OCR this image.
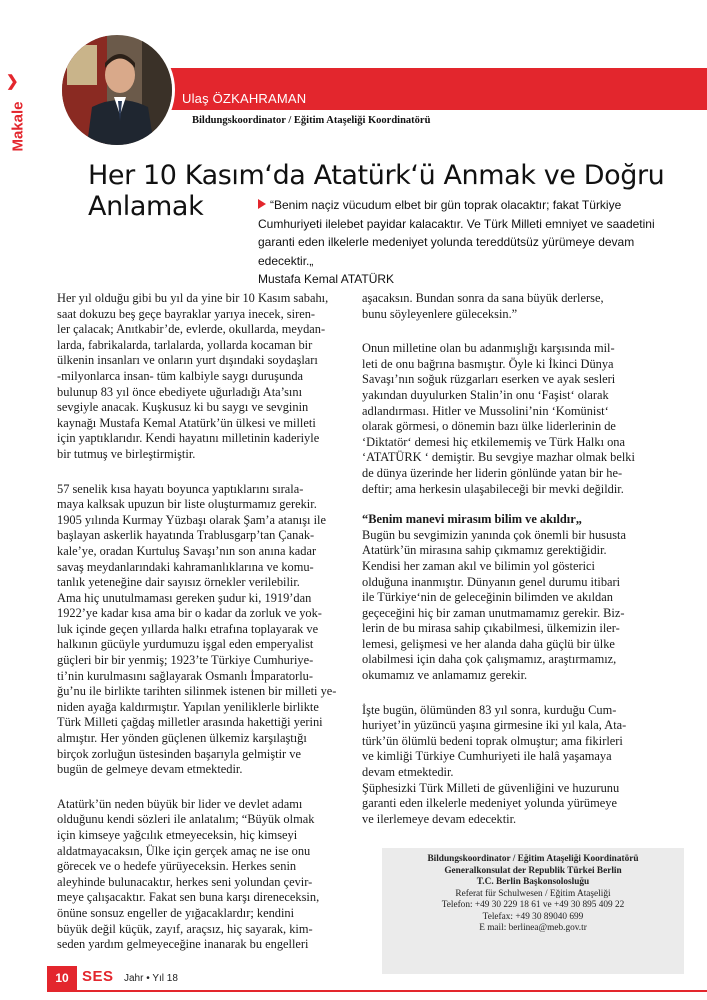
❯
Makale
Ulaş ÖZKAHRAMAN
Bildungskoordinator / Eğitim Ataşeliği Koordinatörü
Her 10 Kasım‘da Atatürk‘ü Anmak ve Doğru Anlamak	“Benim naçiz vücudum elbet bir gün toprak olacaktır; fakat Türkiye Cumhuriyeti ilelebet payidar kalacaktır. Ve Türk Milleti emniyet ve saadetini garanti eden ilkelerle medeniyet yolunda tereddütsüz yürümeye devam edecektir.„
Mustafa Kemal ATATÜRK

Her yıl olduğu gibi bu yıl da yine bir 10 Kasım sabahı,
saat dokuzu beş geçe bayraklar yarıya inecek, siren-
ler çalacak; Anıtkabir’de, evlerde, okullarda, meydan-
larda, fabrikalarda, tarlalarda, yollarda kocaman bir
ülkenin insanları ve onların yurt dışındaki soydaşları
-milyonlarca insan- tüm kalbiyle saygı duruşunda
bulunup 83 yıl önce ebediyete uğurladığı Ata’sını
sevgiyle anacak. Kuşkusuz ki bu saygı ve sevginin
kaynağı Mustafa Kemal Atatürk’ün ülkesi ve milleti
için yaptıklarıdır. Kendi hayatını milletinin kaderiyle
bir tutmuş ve birleştirmiştir.

57 senelik kısa hayatı boyunca yaptıklarını sırala-
maya kalksak upuzun bir liste oluşturmamız gerekir.
1905 yılında Kurmay Yüzbaşı olarak Şam’a atanışı ile
başlayan askerlik hayatında Trablusgarp’tan Çanak-
kale’ye, oradan Kurtuluş Savaşı’nın son anına kadar
savaş meydanlarındaki kahramanlıklarına ve komu-
tanlık yeteneğine dair sayısız örnekler verilebilir.
Ama hiç unutulmaması gereken şudur ki, 1919’dan
1922’ye kadar kısa ama bir o kadar da zorluk ve yok-
luk içinde geçen yıllarda halkı etrafına toplayarak ve
halkının gücüyle yurdumuzu işgal eden emperyalist
güçleri bir bir yenmiş; 1923’te Türkiye Cumhuriye-
ti’nin kurulmasını sağlayarak Osmanlı İmparatorlu-
ğu’nu ile birlikte tarihten silinmek istenen bir milleti ye-
niden ayağa kaldırmıştır. Yapılan yeniliklerle birlikte
Türk Milleti çağdaş milletler arasında hakettiği yerini
almıştır. Her yönden güçlenen ülkemiz karşılaştığı
birçok zorluğun üstesinden başarıyla gelmiştir ve
bugün de gelmeye devam etmektedir.

Atatürk’ün neden büyük bir lider ve devlet adamı
olduğunu kendi sözleri ile anlatalım; “Büyük olmak
için kimseye yağcılık etmeyeceksin, hiç kimseyi
aldatmayacaksın, Ülke için gerçek amaç ne ise onu
görecek ve o hedefe yürüyeceksin. Herkes senin
aleyhinde bulunacaktır, herkes seni yolundan çevir-
meye çalışacaktır. Fakat sen buna karşı direneceksin,
önüne sonsuz engeller de yığacaklardır; kendini
büyük değil küçük, zayıf, araçsız, hiç sayarak, kim-
seden yardım gelmeyeceğine inanarak bu engelleri

aşacaksın. Bundan sonra da sana büyük derlerse,
bunu söyleyenlere güleceksin.”

Onun milletine olan bu adanmışlığı karşısında mil-
leti de onu bağrına basmıştır. Öyle ki İkinci Dünya
Savaşı’nın soğuk rüzgarları eserken ve ayak sesleri
yakından duyulurken Stalin’in onu ‘Faşist‘ olarak
adlandırması. Hitler ve Mussolini’nin ‘Komünist‘
olarak görmesi, o dönemin bazı ülke liderlerinin de
‘Diktatör‘ demesi hiç etkilememiş ve Türk Halkı ona
‘ATATÜRK ‘ demiştir. Bu sevgiye mazhar olmak belki
de dünya üzerinde her liderin gönlünde yatan bir he-
deftir; ama herkesin ulaşabileceği bir mevki değildir.

“Benim manevi mirasım bilim ve akıldır„

Bugün bu sevgimizin yanında çok önemli bir hususta
Atatürk’ün mirasına sahip çıkmamız gerektiğidir.
Kendisi her zaman akıl ve bilimin yol gösterici
olduğuna inanmıştır. Dünyanın genel durumu itibari
ile Türkiye‘nin de geleceğinin bilimden ve akıldan
geçeceğini hiç bir zaman unutmamamız gerekir. Biz-
lerin de bu mirasa sahip çıkabilmesi, ülkemizin iler-
lemesi, gelişmesi ve her alanda daha güçlü bir ülke
olabilmesi için daha çok çalışmamız, araştırmamız,
okumamız ve anlamamız gerekir.

İşte bugün, ölümünden 83 yıl sonra, kurduğu Cum-
huriyet’in yüzüncü yaşına girmesine iki yıl kala, Ata-
türk’ün ölümlü bedeni toprak olmuştur; ama fikirleri
ve kimliği Türkiye Cumhuriyeti ile halâ yaşamaya
devam etmektedir.
Şüphesizki Türk Milleti de güvenliğini ve huzurunu
garanti eden ilkelerle medeniyet yolunda yürümeye
ve ilerlemeye devam edecektir.

Bildungskoordinator / Eğitim Ataşeliği Koordinatörü
Generalkonsulat der Republik Türkei Berlin
T.C. Berlin Başkonsolosluğu
Referat für Schulwesen / Eğitim Ataşeliği
Telefon: +49 30 229 18 61 ve +49 30 895 409 22
Telefax: +49 30 89040 699
E mail: berlinea@meb.gov.tr
10 SES Jahr • Yıl 18
